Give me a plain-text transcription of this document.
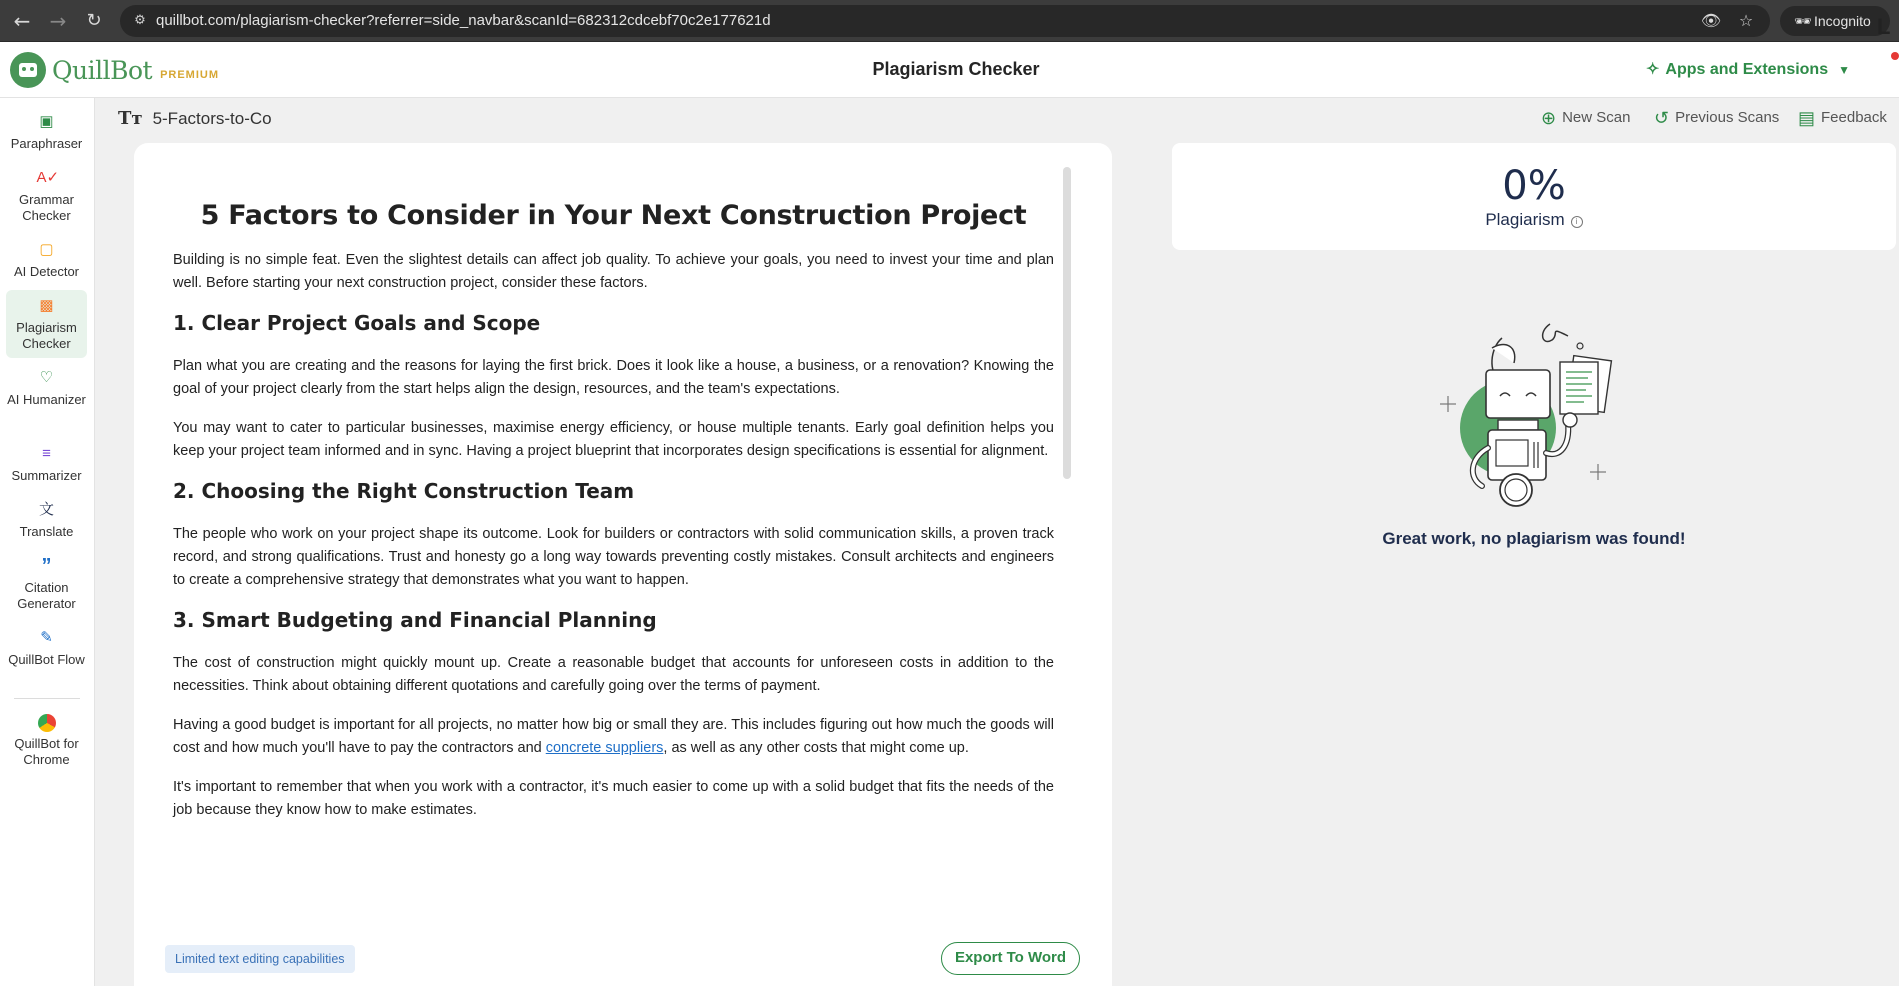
← → ↻	⚙ quillbot.com/plagiarism-checker?referrer=side_navbar&scanId=682312cdcebf70c2e177621d	👁 ☆	🕶 Incognito
QuillBot PREMIUM	Plagiarism Checker	✧ Apps and Extensions ▼
L
▣
Paraphraser
A✓
Grammar Checker
▢
AI Detector
▩
Plagiarism Checker
♡
AI Humanizer
≡
Summarizer
文
Translate
”
Citation Generator
✎
QuillBot Flow
QuillBot for Chrome
Tт 5-Factors-to-Co	⊕ New Scan ↺ Previous Scans ▤ Feedback
5 Factors to Consider in Your Next Construction Project

Building is no simple feat. Even the slightest details can affect job quality. To achieve your goals, you need to invest your time and plan well. Before starting your next construction project, consider these factors.

1. Clear Project Goals and Scope

Plan what you are creating and the reasons for laying the first brick. Does it look like a house, a business, or a renovation? Knowing the goal of your project clearly from the start helps align the design, resources, and the team's expectations.

You may want to cater to particular businesses, maximise energy efficiency, or house multiple tenants. Early goal definition helps you keep your project team informed and in sync. Having a project blueprint that incorporates design specifications is essential for alignment.

2. Choosing the Right Construction Team

The people who work on your project shape its outcome. Look for builders or contractors with solid communication skills, a proven track record, and strong qualifications. Trust and honesty go a long way towards preventing costly mistakes. Consult architects and engineers to create a comprehensive strategy that demonstrates what you want to happen.

3. Smart Budgeting and Financial Planning

The cost of construction might quickly mount up. Create a reasonable budget that accounts for unforeseen costs in addition to the necessities. Think about obtaining different quotations and carefully going over the terms of payment.

Having a good budget is important for all projects, no matter how big or small they are. This includes figuring out how much the goods will cost and how much you'll have to pay the contractors and concrete suppliers, as well as any other costs that might come up.

It's important to remember that when you work with a contractor, it's much easier to come up with a solid budget that fits the needs of the job because they know how to make estimates.

Limited text editing capabilities	Export To Word
0%
Plagiarism i
Great work, no plagiarism was found!
